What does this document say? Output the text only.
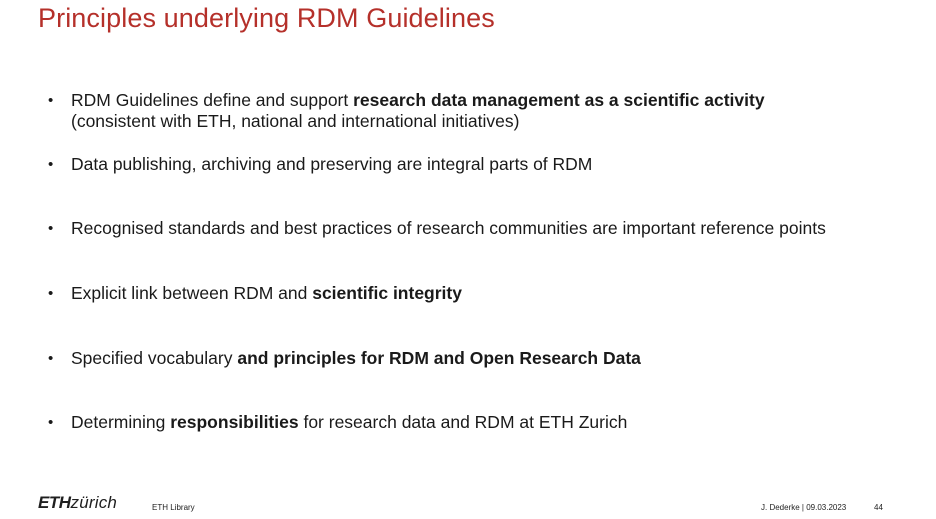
Principles underlying RDM Guidelines
• RDM Guidelines define and support research data management as a scientific activity
(consistent with ETH, national and international initiatives)
• Data publishing, archiving and preserving are integral parts of RDM
• Recognised standards and best practices of research communities are important reference points
• Explicit link between RDM and scientific integrity
• Specified vocabulary and principles for RDM and Open Research Data
• Determining responsibilities for research data and RDM at ETH Zurich
ETHzürich	ETH Library	J. Dederke | 09.03.2023	44
